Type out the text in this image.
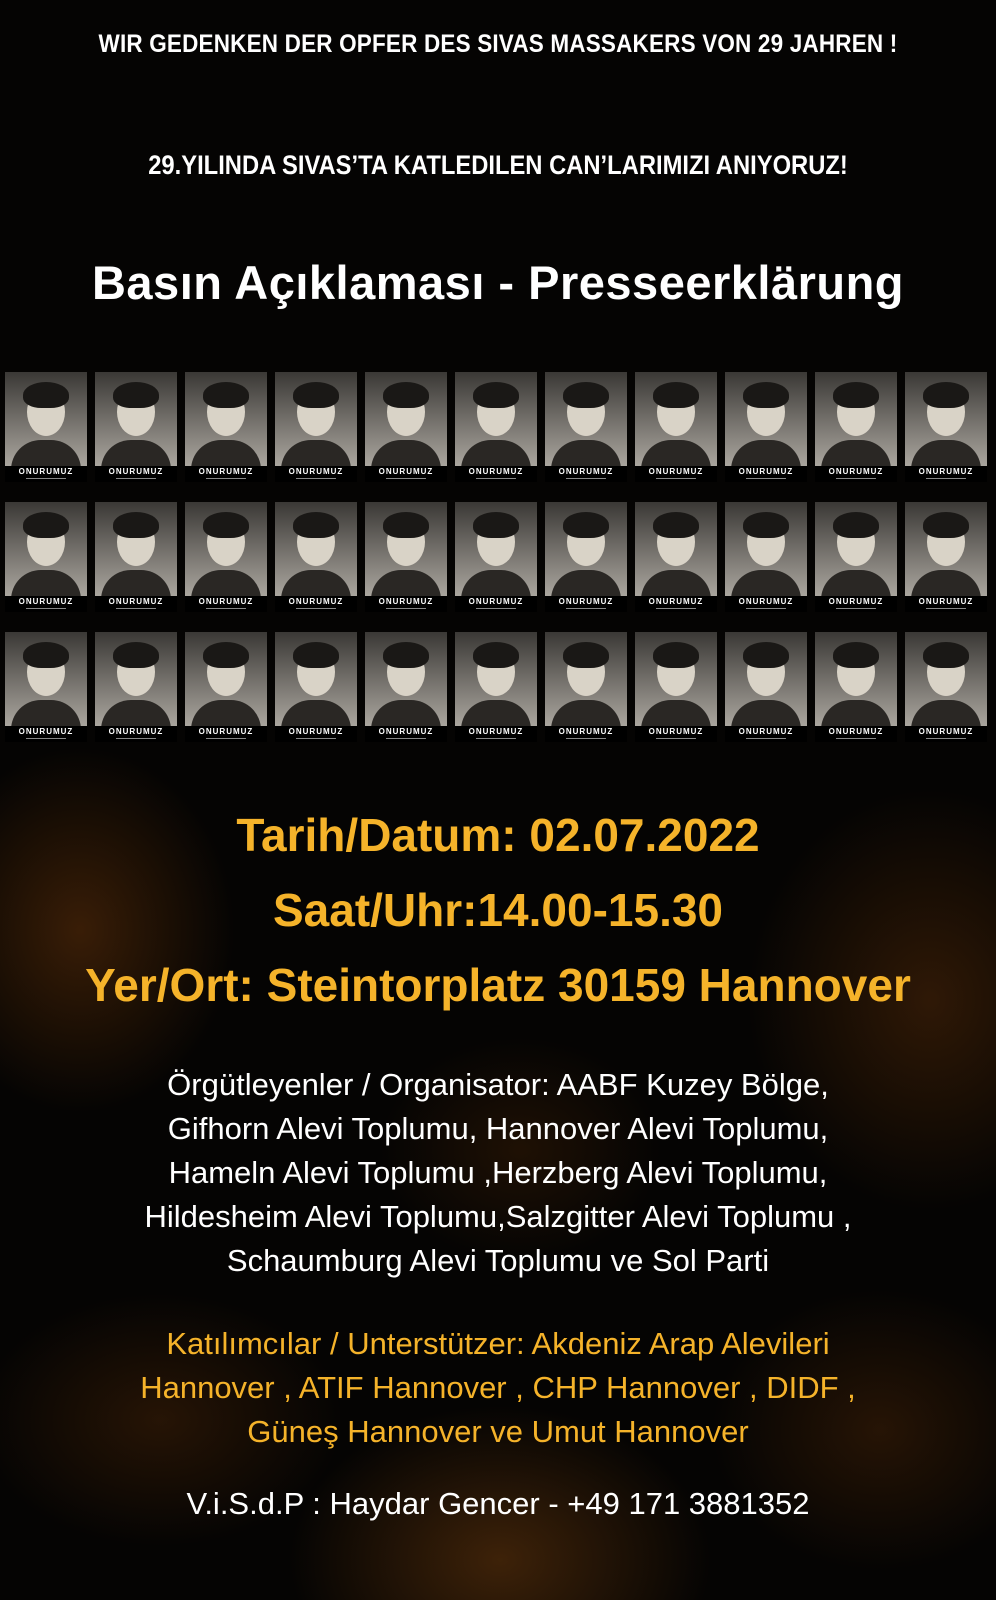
WIR GEDENKEN DER OPFER DES SIVAS MASSAKERS VON 29 JAHREN !
29.YILINDA SIVAS’TA KATLEDILEN CAN’LARIMIZI ANIYORUZ!
Basın Açıklaması - Presseerklärung
ONURUMUZ	ONURUMUZ	ONURUMUZ	ONURUMUZ	ONURUMUZ	ONURUMUZ	ONURUMUZ	ONURUMUZ	ONURUMUZ	ONURUMUZ	ONURUMUZ
ONURUMUZ	ONURUMUZ	ONURUMUZ	ONURUMUZ	ONURUMUZ	ONURUMUZ	ONURUMUZ	ONURUMUZ	ONURUMUZ	ONURUMUZ	ONURUMUZ
ONURUMUZ	ONURUMUZ	ONURUMUZ	ONURUMUZ	ONURUMUZ	ONURUMUZ	ONURUMUZ	ONURUMUZ	ONURUMUZ	ONURUMUZ	ONURUMUZ
Tarih/Datum: 02.07.2022
Saat/Uhr:14.00-15.30
Yer/Ort: Steintorplatz 30159 Hannover
Örgütleyenler / Organisator: AABF Kuzey Bölge,
Gifhorn Alevi Toplumu, Hannover Alevi Toplumu,
Hameln Alevi Toplumu ,Herzberg Alevi Toplumu,
Hildesheim Alevi Toplumu,Salzgitter Alevi Toplumu ,
Schaumburg Alevi Toplumu ve Sol Parti
Katılımcılar / Unterstützer: Akdeniz Arap Alevileri
Hannover , ATIF Hannover , CHP Hannover , DIDF ,
Güneş Hannover ve Umut Hannover
V.i.S.d.P : Haydar Gencer - +49 171 3881352
